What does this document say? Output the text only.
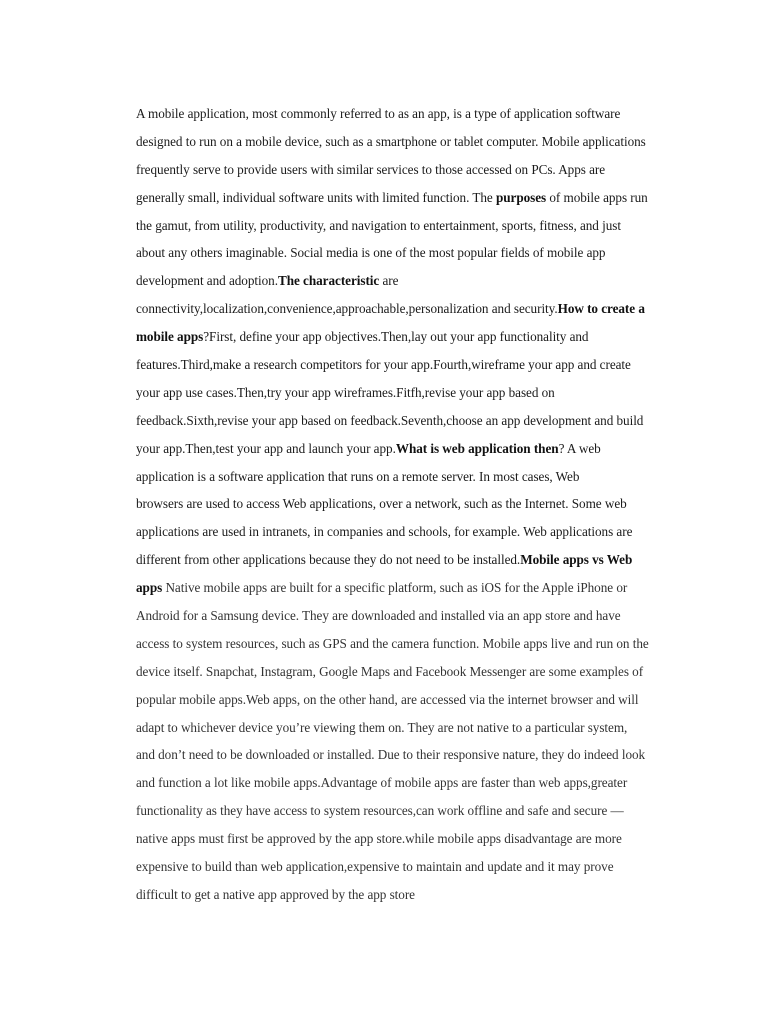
A mobile application, most commonly referred to as an app, is a type of application software
designed to run on a mobile device, such as a smartphone or tablet computer. Mobile applications
frequently serve to provide users with similar services to those accessed on PCs. Apps are
generally small, individual software units with limited function. The purposes of mobile apps run
the gamut, from utility, productivity, and navigation to entertainment, sports, fitness, and just
about any others imaginable. Social media is one of the most popular fields of mobile app
development and adoption.The characteristic are
connectivity,localization,convenience,approachable,personalization and security.How to create a
mobile apps?First, define your app objectives.Then,lay out your app functionality and
features.Third,make a research competitors for your app.Fourth,wireframe your app and create
your app use cases.Then,try your app wireframes.Fitfh,revise your app based on
feedback.Sixth,revise your app based on feedback.Seventh,choose an app development and build
your app.Then,test your app and launch your app.What is web application then? A web
application is a software application that runs on a remote server. In most cases, Web
browsers are used to access Web applications, over a network, such as the Internet. Some web
applications are used in intranets, in companies and schools, for example. Web applications are
different from other applications because they do not need to be installed.Mobile apps vs Web
apps Native mobile apps are built for a specific platform, such as iOS for the Apple iPhone or
Android for a Samsung device. They are downloaded and installed via an app store and have
access to system resources, such as GPS and the camera function. Mobile apps live and run on the
device itself. Snapchat, Instagram, Google Maps and Facebook Messenger are some examples of
popular mobile apps.Web apps, on the other hand, are accessed via the internet browser and will
adapt to whichever device you’re viewing them on. They are not native to a particular system,
and don’t need to be downloaded or installed. Due to their responsive nature, they do indeed look
and function a lot like mobile apps.Advantage of mobile apps are faster than web apps,greater
functionality as they have access to system resources,can work offline and safe and secure —
native apps must first be approved by the app store.while mobile apps disadvantage are more
expensive to build than web application,expensive to maintain and update and it may prove
difficult to get a native app approved by the app store
